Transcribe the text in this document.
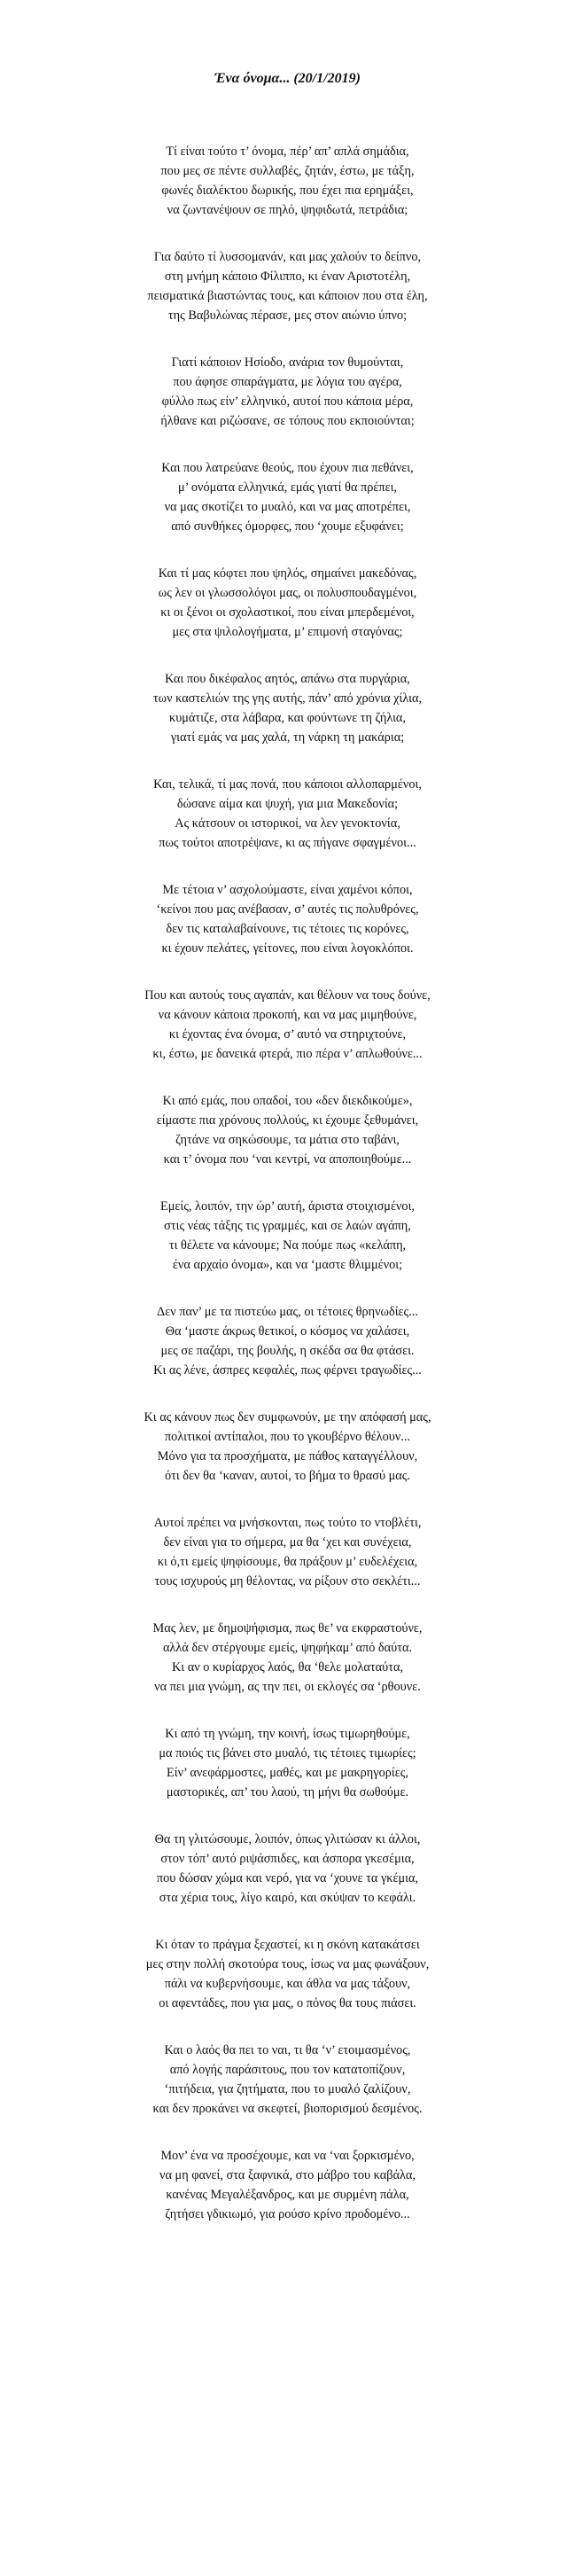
Ένα όνομα... (20/1/2019)
Τί είναι τούτο τ’ όνομα, πέρ’ απ’ απλά σημάδια,
που μες σε πέντε συλλαβές, ζητάν, έστω, με τάξη,
φωνές διαλέκτου δωρικής, που έχει πια ερημάξει,
να ζωντανέψουν σε πηλό, ψηφιδωτά, πετράδια;
Για δαύτο τί λυσσομανάν, και μας χαλούν το δείπνο,
στη μνήμη κάποιο Φίλιππο, κι έναν Αριστοτέλη,
πεισματικά βιαστώντας τους, και κάποιον που στα έλη,
της Βαβυλώνας πέρασε, μες στον αιώνιο ύπνο;
Γιατί κάποιον Ησίοδο, ανάρια τον θυμούνται,
που άφησε σπαράγματα, με λόγια του αγέρα,
φύλλο πως είν’ ελληνικό, αυτοί που κάποια μέρα,
ήλθανε και ριζώσανε, σε τόπους που εκποιούνται;
Και που λατρεύανε θεούς, που έχουν πια πεθάνει,
μ’ ονόματα ελληνικά, εμάς γιατί θα πρέπει,
να μας σκοτίζει το μυαλό, και να μας αποτρέπει,
από συνθήκες όμορφες, που ‘χουμε εξυφάνει;
Και τί μας κόφτει που ψηλός, σημαίνει μακεδόνας,
ως λεν οι γλωσσολόγοι μας, οι πολυσπουδαγμένοι,
κι οι ξένοι οι σχολαστικοί, που είναι μπερδεμένοι,
μες στα ψιλολογήματα, μ’ επιμονή σταγόνας;
Και που δικέφαλος αητός, απάνω στα πυργάρια,
των καστελιών της γης αυτής, πάν’ από χρόνια χίλια,
κυμάτιζε, στα λάβαρα, και φούντωνε τη ζήλια,
γιατί εμάς να μας χαλά, τη νάρκη τη μακάρια;
Και, τελικά, τί μας πονά, που κάποιοι αλλοπαρμένοι,
δώσανε αίμα και ψυχή, για μια Μακεδονία;
Ας κάτσουν οι ιστορικοί, να λεν γενοκτονία,
πως τούτοι αποτρέψανε, κι ας πήγανε σφαγμένοι...
Με τέτοια ν’ ασχολούμαστε, είναι χαμένοι κόποι,
‘κείνοι που μας ανέβασαν, σ’ αυτές τις πολυθρόνες,
δεν τις καταλαβαίνουνε, τις τέτοιες τις κορόνες,
κι έχουν πελάτες, γείτονες, που είναι λογοκλόποι.
Που και αυτούς τους αγαπάν, και θέλουν να τους δούνε,
να κάνουν κάποια προκοπή, και να μας μιμηθούνε,
κι έχοντας ένα όνομα, σ’ αυτό να στηριχτούνε,
κι, έστω, με δανεικά φτερά, πιο πέρα ν’ απλωθούνε...
Κι από εμάς, που οπαδοί, του «δεν διεκδικούμε»,
είμαστε πια χρόνους πολλούς, κι έχουμε ξεθυμάνει,
ζητάνε να σηκώσουμε, τα μάτια στο ταβάνι,
και τ’ όνομα που ‘ναι κεντρί, να αποποιηθούμε...
Εμείς, λοιπόν, την ώρ’ αυτή, άριστα στοιχισμένοι,
στις νέας τάξης τις γραμμές, και σε λαών αγάπη,
τι θέλετε να κάνουμε; Να πούμε πως «κελάπη,
ένα αρχαίο όνομα», και να ‘μαστε θλιμμένοι;
Δεν παν’ με τα πιστεύω μας, οι τέτοιες θρηνωδίες...
Θα ‘μαστε άκρως θετικοί, ο κόσμος να χαλάσει,
μες σε παζάρι, της βουλής, η σκέδα σα θα φτάσει.
Κι ας λένε, άσπρες κεφαλές, πως φέρνει τραγωδίες...
Κι ας κάνουν πως δεν συμφωνούν, με την απόφασή μας,
πολιτικοί αντίπαλοι, που το γκουβέρνο θέλουν...
Μόνο για τα προσχήματα, με πάθος καταγγέλλουν,
ότι δεν θα ‘καναν, αυτοί, το βήμα το θρασύ μας.
Αυτοί πρέπει να μνήσκονται, πως τούτο το ντοβλέτι,
δεν είναι για το σήμερα, μα θα ‘χει και συνέχεια,
κι ό,τι εμείς ψηφίσουμε, θα πράξουν μ’ ευδελέχεια,
τους ισχυρούς μη θέλοντας, να ρίξουν στο σεκλέτι...
Μας λεν, με δημοψήφισμα, πως θε’ να εκφραστούνε,
αλλά δεν στέργουμε εμείς, ψηφήκαμ’ από δαύτα.
Κι αν ο κυρίαρχος λαός, θα ‘θελε μολαταύτα,
να πει μια γνώμη, ας την πει, οι εκλογές σα ‘ρθουνε.
Κι από τη γνώμη, την κοινή, ίσως τιμωρηθούμε,
μα ποιός τις βάνει στο μυαλό, τις τέτοιες τιμωρίες;
Είν’ ανεφάρμοστες, μαθές, και με μακρηγορίες,
μαστορικές, απ’ του λαού, τη μήνι θα σωθούμε.
Θα τη γλιτώσουμε, λοιπόν, όπως γλιτώσαν κι άλλοι,
στον τόπ’ αυτό ριψάσπιδες, και άσπορα γκεσέμια,
που δώσαν χώμα και νερό, για να ‘χουνε τα γκέμια,
στα χέρια τους, λίγο καιρό, και σκύψαν το κεφάλι.
Κι όταν το πράγμα ξεχαστεί, κι η σκόνη κατακάτσει
μες στην πολλή σκοτούρα τους, ίσως να μας φωνάξουν,
πάλι να κυβερνήσουμε, και άθλα να μας τάξουν,
οι αφεντάδες, που για μας, ο πόνος θα τους πιάσει.
Και ο λαός θα πει το ναι, τι θα ‘ν’ ετοιμασμένος,
από λογής παράσιτους, που τον κατατοπίζουν,
‘πιτήδεια, για ζητήματα, που το μυαλό ζαλίζουν,
και δεν προκάνει να σκεφτεί, βιοπορισμού δεσμένος.
Μον’ ένα να προσέχουμε, και να ‘ναι ξορκισμένο,
να μη φανεί, στα ξαφνικά, στο μάβρο του καβάλα,
κανένας Μεγαλέξανδρος, και με συρμένη πάλα,
ζητήσει γδικιωμό, για ρούσο κρίνο προδομένο...
